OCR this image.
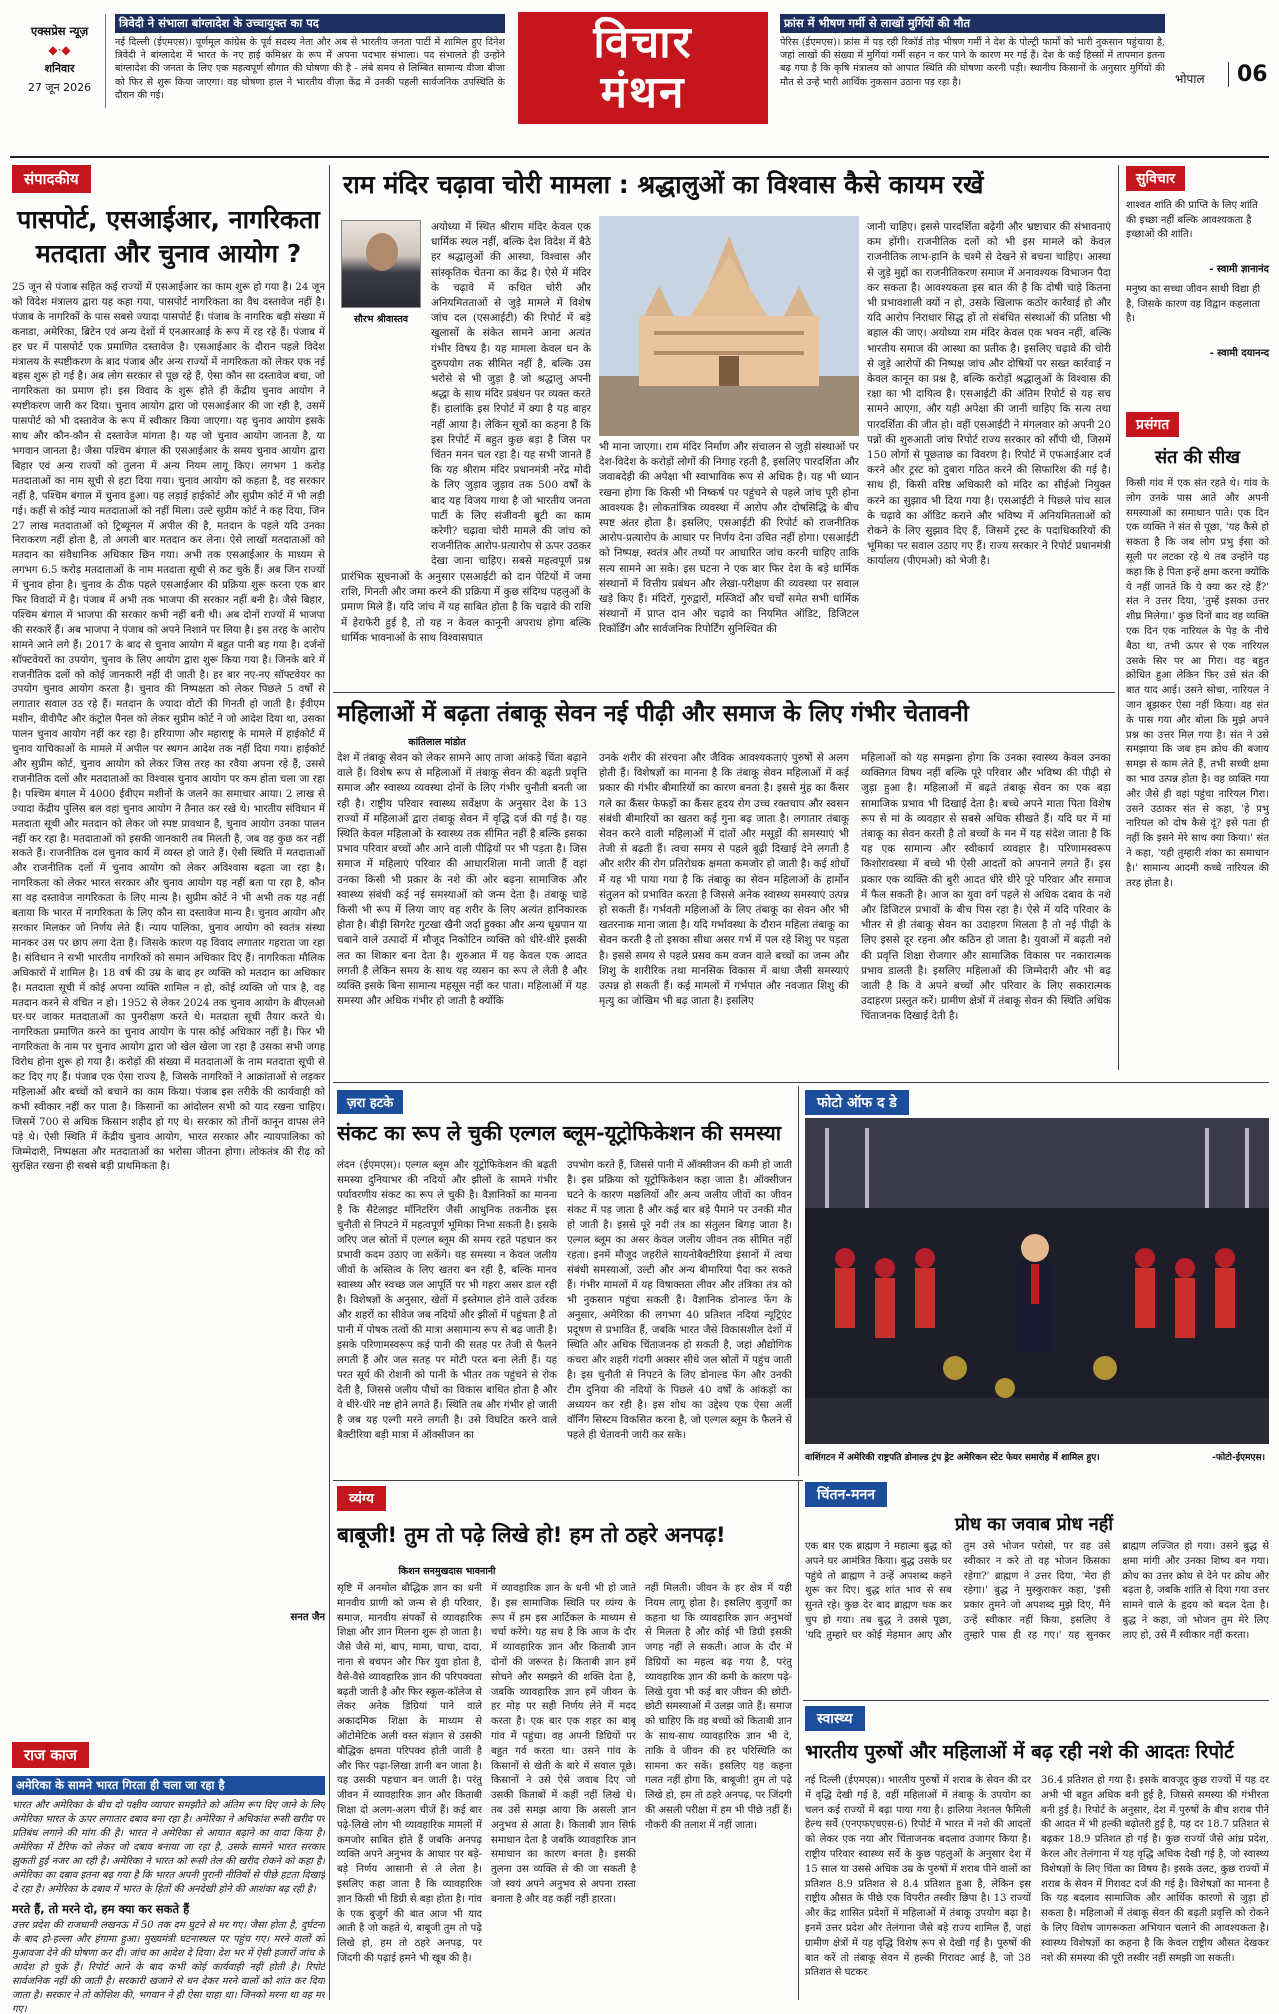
एक्सप्रेस न्यूज़
◆·◆
शनिवार
27 जून 2026
त्रिवेदी ने संभाला बांग्लादेश के उच्चायुक्त का पद
नई दिल्ली (ईएमएस)। पूर्णमूल कांग्रेस के पूर्व सदस्य नेता और अब से भारतीय जनता पार्टी में शामिल हुए दिनेश त्रिवेदी ने बांग्लादेश में भारत के नए हाई कमिश्नर के रूप में अपना पदभार संभाला। पद संभालते ही उन्होंने बांग्लादेश की जनता के लिए एक महत्वपूर्ण सौगात की घोषणा की है - लंबे समय से लिम्बित सामान्य वीजा बीजा को फिर से शुरू किया जाएगा। वह घोषणा हाल ने भारतीय वीज़ा केंद्र में उनकी पहली सार्वजनिक उपस्थिति के दौरान की गई।
विचार
मंथन
फ्रांस में भीषण गर्मी से लाखों मुर्गियों की मौत
पेरिस (ईएमएस)। फ्रांस में पड़ रही रिकॉर्ड तोड़ भीषण गर्मी ने देश के पोल्ट्री फार्मों को भारी नुकसान पहुंचाया है, जहां लाखों की संख्या में मुर्गियां गर्मी सहन न कर पाने के कारण मर गई हैं। देश के कई हिस्सों में तापमान इतना बढ़ गया है कि कृषि मंत्रालय को आपात स्थिति की घोषणा करनी पड़ी। स्थानीय किसानों के अनुसार मुर्गियों की मौत से उन्हें भारी आर्थिक नुकसान उठाना पड़ रहा है।	भोपाल	06
संपादकीय
पासपोर्ट, एसआईआर, नागरिकता मतदाता और चुनाव आयोग ?
25 जून से पंजाब सहित कई राज्यों में एसआईआर का काम शुरू हो गया है। 24 जून को विदेश मंत्रालय द्वारा यह कहा गया, पासपोर्ट नागरिकता का वैध दस्तावेज नहीं है। पंजाब के नागरिकों के पास सबसे ज्यादा पासपोर्ट हैं। पंजाब के नागरिक बड़ी संख्या में कनाडा, अमेरिका, ब्रिटेन एवं अन्य देशों में एनआरआई के रूप में रह रहे हैं। पंजाब में हर घर में पासपोर्ट एक प्रमाणित दस्तावेज है। एसआईआर के दौरान पहले विदेश मंत्रालय के स्पष्टीकरण के बाद पंजाब और अन्य राज्यों में नागरिकता को लेकर एक नई बहस शुरू हो गई है। अब लोग सरकार से पूछ रहे हैं, ऐसा कौन सा दस्तावेज बचा, जो नागरिकता का प्रमाण हो। इस विवाद के शुरू होते ही केंद्रीय चुनाव आयोग ने स्पष्टीकरण जारी कर दिया। चुनाव आयोग द्वारा जो एसआईआर की जा रही है, उसमें पासपोर्ट को भी दस्तावेज के रूप में स्वीकार किया जाएगा। यह चुनाव आयोग इसके साथ और कौन-कौन से दस्तावेज मांगता है। यह जो चुनाव आयोग जानता है, या भगवान जानता है। जैसा पश्चिम बंगाल की एसआईआर के समय चुनाव आयोग द्वारा बिहार एवं अन्य राज्यों को तुलना में अन्य नियम लागू किए। लगभग 1 करोड़ मतदाताओं का नाम सूची से हटा दिया गया। चुनाव आयोग को कहता है, वह सरकार नहीं है, पश्चिम बंगाल में चुनाव हुआ। यह लड़ाई हाईकोर्ट और सुप्रीम कोर्ट में भी लड़ी गई। कहीं से कोई न्याय मतदाताओं को नहीं मिला। उल्टे सुप्रीम कोर्ट ने कह दिया, जिन 27 लाख मतदाताओं को ट्रिब्यूनल में अपील की है, मतदान के पहले यदि उनका निराकरण नहीं होता है, तो अगली बार मतदान कर लेना। ऐसे लाखों मतदाताओं को मतदान का संवैधानिक अधिकार छिन गया। अभी तक एसआईआर के माध्यम से लगभग 6.5 करोड़ मतदाताओं के नाम मतदाता सूची से कट चुके हैं। अब जिन राज्यों में चुनाव होना है। चुनाव के ठीक पहले एसआईआर की प्रक्रिया शुरू करना एक बार फिर विवादों में है। पंजाब में अभी तक भाजपा की सरकार नहीं बनी है। जैसे बिहार, पश्चिम बंगाल में भाजपा की सरकार कभी नहीं बनी थी। अब दोनों राज्यों में भाजपा की सरकारें हैं। अब भाजपा ने पंजाब को अपने निशाने पर लिया है। इस तरह के आरोप सामने आने लगे हैं। 2017 के बाद से चुनाव आयोग में बहुत पानी बह गया है। दर्जनों सॉफ्टवेयरों का उपयोग, चुनाव के लिए आयोग द्वारा शुरू किया गया है। जिनके बारे में राजनीतिक दलों को कोई जानकारी नहीं दी जाती है। हर बार नए-नए सॉफ्टवेयर का उपयोग चुनाव आयोग करता है। चुनाव की निष्पक्षता को लेकर पिछले 5 वर्षों से लगातार सवाल उठ रहे हैं। मतदान के ज्यादा वोटों की गिनती हो जाती है। ईवीएम मशीन, वीवीपैट और कंट्रोल पैनल को लेकर सुप्रीम कोर्ट ने जो आदेश दिया था, उसका पालन चुनाव आयोग नहीं कर रहा है। हरियाणा और महाराष्ट्र के मामले में हाईकोर्ट में चुनाव याचिकाओं के मामले में अपील पर स्थगन आदेश तक नहीं दिया गया। हाईकोर्ट और सुप्रीम कोर्ट, चुनाव आयोग को लेकर जिस तरह का रवैया अपना रहे हैं, उससे राजनीतिक दलों और मतदाताओं का विश्वास चुनाव आयोग पर कम होता चला जा रहा है। पश्चिम बंगाल में 4000 ईवीएम मशीनों के जलने का समाचार आया। 2 लाख से ज्यादा केंद्रीय पुलिस बल वहां चुनाव आयोग ने तैनात कर रखे थे। भारतीय संविधान में मतदाता सूची और मतदान को लेकर जो स्पष्ट प्रावधान है, चुनाव आयोग उनका पालन नहीं कर रहा है। मतदाताओं को इसकी जानकारी तब मिलती है, जब वह कुछ कर नहीं सकते हैं। राजनीतिक दल चुनाव कार्य में व्यस्त हो जाते हैं। ऐसी स्थिति में मतदाताओं और राजनीतिक दलों में चुनाव आयोग को लेकर अविश्वास बढ़ता जा रहा है। नागरिकता को लेकर भारत सरकार और चुनाव आयोग यह नहीं बता पा रहा है, कौन सा वह दस्तावेज नागरिकता के लिए मान्य है। सुप्रीम कोर्ट ने भी अभी तक यह नहीं बताया कि भारत में नागरिकता के लिए कौन सा दस्तावेज मान्य है। चुनाव आयोग और सरकार मिलकर जो निर्णय लेते हैं। न्याय पालिका, चुनाव आयोग को स्वतंत्र संस्था मानकर उस पर छाप लगा देता है। जिसके कारण यह विवाद लगातार गहराता जा रहा है। संविधान ने सभी भारतीय नागरिकों को समान अधिकार दिए हैं। नागरिकता मौलिक अधिकारों में शामिल है। 18 वर्ष की उम्र के बाद हर व्यक्ति को मतदान का अधिकार है। मतदाता सूची में कोई अपना व्यक्ति शामिल न हो, कोई व्यक्ति जो पात्र है, वह मतदान करने से वंचित न हो। 1952 से लेकर 2024 तक चुनाव आयोग के बीएलओ घर-घर जाकर मतदाताओं का पुनरीक्षण करते थे। मतदाता सूची तैयार करते थे। नागरिकता प्रमाणित करने का चुनाव आयोग के पास कोई अधिकार नहीं है। फिर भी नागरिकता के नाम पर चुनाव आयोग द्वारा जो खेल खेला जा रहा है उसका सभी जगह विरोध होना शुरू हो गया है। करोड़ों की संख्या में मतदाताओं के नाम मतदाता सूची से कट दिए गए हैं। पंजाब एक ऐसा राज्य है, जिसके नागरिकों ने आक्रांताओं से लड़कर महिलाओं और बच्चों को बचाने का काम किया। पंजाब इस तरीके की कार्यवाही को कभी स्वीकार नहीं कर पाता है। किसानों का आंदोलन सभी को याद रखना चाहिए। जिसमें 700 से अधिक किसान शहीद हो गए थे। सरकार को तीनों कानून वापस लेने पड़े थे। ऐसी स्थिति में केंद्रीय चुनाव आयोग, भारत सरकार और न्यायपालिका को जिम्मेदारी, निष्पक्षता और मतदाताओं का भरोसा जीतना होगा। लोकतंत्र की रीढ़ को सुरक्षित रखना ही सबसे बड़ी प्राथमिकता है।
सनत जैन
राज काज
अमेरिका के सामने भारत गिरता ही चला जा रहा है
भारत और अमेरिका के बीच दो पक्षीय व्यापार समझौते को अंतिम रूप दिए जाने के लिए अमेरिका भारत के ऊपर लगातार दबाव बना रहा है। अमेरिका ने अधिकांश रूसी खरीद पर प्रतिबंध लगाने की मांग की है। भारत ने अमेरिका से आयात बढ़ाने का वादा किया है। अमेरिका में टैरिफ को लेकर जो दबाव बनाया जा रहा है, उसके सामने भारत सरकार झुकती हुई नजर आ रही है। अमेरिका ने भारत को रूसी तेल की खरीद रोकने को कहा है। अमेरिका का दबाव इतना बढ़ गया है कि भारत अपनी पुरानी नीतियों से पीछे हटता दिखाई दे रहा है। अमेरिका के दबाव में भारत के हितों की अनदेखी होने की आशंका बढ़ रही है।
मरते हैं, तो मरने दो, हम क्या कर सकते हैं
उत्तर प्रदेश की राजधानी लखनऊ में 50 तक दम घुटने से मर गए। जैसा होता है, दुर्घटना के बाद हो-हल्ला और हंगामा हुआ। मुख्यमंत्री घटनास्थल पर पहुंच गए। मरने वालों को मुआवजा देने की घोषणा कर दी। जांच का आदेश दे दिया। देश भर में ऐसी हजारों जांच के आदेश हो चुके हैं। रिपोर्ट आने के बाद कभी कोई कार्यवाही नहीं होती है। रिपोर्ट सार्वजनिक नहीं की जाती है। सरकारी खजाने से धन देकर मरने वालों को शांत कर दिया जाता है। सरकार ने तो कोशिश की, भगवान ने ही ऐसा चाहा था। जिनको मरना था वह मर गए।
राम मंदिर चढ़ावा चोरी मामला : श्रद्धालुओं का विश्वास कैसे कायम रखें
सौरभ श्रीवास्तव
अयोध्या में स्थित श्रीराम मंदिर केवल एक धार्मिक स्थल नहीं, बल्कि देश विदेश में बैठे हर श्रद्धालुओं की आस्था, विश्वास और सांस्कृतिक चेतना का केंद्र है। ऐसे में मंदिर के चढ़ावे में कथित चोरी और अनियमितताओं से जुड़े मामले में विशेष जांच दल (एसआईटी) की रिपोर्ट में बड़े खुलासों के संकेत सामने आना अत्यंत गंभीर विषय है। यह मामला केवल धन के दुरुपयोग तक सीमित नहीं है, बल्कि उस भरोसे से भी जुड़ा है जो श्रद्धालु अपनी श्रद्धा के साथ मंदिर प्रबंधन पर व्यक्त करते हैं। हालांकि इस रिपोर्ट में क्या है यह बाहर नहीं आया है। लेकिन सूत्रों का कहना है कि इस रिपोर्ट में बहुत कुछ बड़ा है जिस पर चिंतन मनन चल रहा है। यह सभी जानते हैं कि यह श्रीराम मंदिर प्रधानमंत्री नरेंद्र मोदी के लिए जुड़ाव जुड़ाव तक 500 वर्षों के बाद यह विजय गाथा है जो भारतीय जनता पार्टी के लिए संजीवनी बूटी का काम करेगी? चढ़ावा चोरी मामले की जांच को राजनीतिक आरोप-प्रत्यारोप से ऊपर उठकर देखा जाना चाहिए। सबसे महत्वपूर्ण प्रश्न
प्रारंभिक सूचनाओं के अनुसार एसआईटी को दान पेटियों में जमा राशि, गिनती और जमा करने की प्रक्रिया में कुछ संदिग्ध पहलुओं के प्रमाण मिले हैं। यदि जांच में यह साबित होता है कि चढ़ावे की राशि में हेराफेरी हुई है, तो यह न केवल कानूनी अपराध होगा बल्कि धार्मिक भावनाओं के साथ विश्वासघात
भी माना जाएगा। राम मंदिर निर्माण और संचालन से जुड़ी संस्थाओं पर देश-विदेश के करोड़ों लोगों की निगाह रहती है, इसलिए पारदर्शिता और जवाबदेही की अपेक्षा भी स्वाभाविक रूप से अधिक है। यह भी ध्यान रखना होगा कि किसी भी निष्कर्ष पर पहुंचने से पहले जांच पूरी होना आवश्यक है। लोकतांत्रिक व्यवस्था में आरोप और दोषसिद्धि के बीच स्पष्ट अंतर होता है। इसलिए, एसआईटी की रिपोर्ट को राजनीतिक आरोप-प्रत्यारोप के आधार पर निर्णय देना उचित नहीं होगा। एसआईटी को निष्पक्ष, स्वतंत्र और तथ्यों पर आधारित जांच करनी चाहिए ताकि सत्य सामने आ सके। इस घटना ने एक बार फिर देश के बड़े धार्मिक संस्थानों में वित्तीय प्रबंधन और लेखा-परीक्षण की व्यवस्था पर सवाल खड़े किए हैं। मंदिरों, गुरुद्वारों, मस्जिदों और चर्चों समेत सभी धार्मिक संस्थानों में प्राप्त दान और चढ़ावे का नियमित ऑडिट, डिजिटल रिकॉर्डिंग और सार्वजनिक रिपोर्टिंग सुनिश्चित की
जानी चाहिए। इससे पारदर्शिता बढ़ेगी और भ्रष्टाचार की संभावनाएं कम होंगी। राजनीतिक दलों को भी इस मामले को केवल राजनीतिक लाभ-हानि के चश्मे से देखने से बचना चाहिए। आस्था से जुड़े मुद्दों का राजनीतिकरण समाज में अनावश्यक विभाजन पैदा कर सकता है। आवश्यकता इस बात की है कि दोषी चाहे कितना भी प्रभावशाली क्यों न हो, उसके खिलाफ कठोर कार्रवाई हो और यदि आरोप निराधार सिद्ध हों तो संबंधित संस्थाओं की प्रतिष्ठा भी बहाल की जाए। अयोध्या राम मंदिर केवल एक भवन नहीं, बल्कि भारतीय समाज की आस्था का प्रतीक है। इसलिए चढ़ावे की चोरी से जुड़े आरोपों की निष्पक्ष जांच और दोषियों पर सख्त कार्रवाई न केवल कानून का प्रश्न है, बल्कि करोड़ों श्रद्धालुओं के विश्वास की रक्षा का भी दायित्व है। एसआईटी की अंतिम रिपोर्ट से यह सच सामने आएगा, और यही अपेक्षा की जानी चाहिए कि सत्य तथा पारदर्शिता की जीत हो। वहीं एसआईटी ने मंगलवार को अपनी 20 पन्नों की शुरुआती जांच रिपोर्ट राज्य सरकार को सौंपी थी, जिसमें 150 लोगों से पूछताछ का विवरण है। रिपोर्ट में एफआईआर दर्ज करने और ट्रस्ट को दुबारा गठित करने की सिफारिश की गई है। साथ ही, किसी वरिष्ठ अधिकारी को मंदिर का सीईओ नियुक्त करने का सुझाव भी दिया गया है। एसआईटी ने पिछले पांच साल के चढ़ावे का ऑडिट कराने और भविष्य में अनियमितताओं को रोकने के लिए सुझाव दिए हैं, जिसमें ट्रस्ट के पदाधिकारियों की भूमिका पर सवाल उठाए गए हैं। राज्य सरकार ने रिपोर्ट प्रधानमंत्री कार्यालय (पीएमओ) को भेजी है।
सुविचार
शाश्वत शांति की प्राप्ति के लिए शांति की इच्छा नहीं बल्कि आवश्यकता है इच्छाओं की शांति।
- स्वामी ज्ञानानंद
मनुष्य का सच्चा जीवन साथी विद्या ही है, जिसके कारण वह विद्वान कहलाता है।
- स्वामी दयानन्द
प्रसंगत
संत की सीख
किसी गांव में एक संत रहते थे। गांव के लोग उनके पास आते और अपनी समस्याओं का समाधान पाते। एक दिन एक व्यक्ति ने संत से पूछा, 'यह कैसे हो सकता है कि जब लोग प्रभु ईसा को सूली पर लटका रहे थे तब उन्होंने यह कहा कि हे पिता इन्हें क्षमा करना क्योंकि ये नहीं जानते कि ये क्या कर रहे हैं?' संत ने उत्तर दिया, 'तुम्हें इसका उत्तर शीघ्र मिलेगा।' कुछ दिनों बाद वह व्यक्ति एक दिन एक नारियल के पेड़ के नीचे बैठा था, तभी ऊपर से एक नारियल उसके सिर पर आ गिरा। वह बहुत क्रोधित हुआ लेकिन फिर उसे संत की बात याद आई। उसने सोचा, नारियल ने जान बूझकर ऐसा नहीं किया। वह संत के पास गया और बोला कि मुझे अपने प्रश्न का उत्तर मिल गया है। संत ने उसे समझाया कि जब हम क्रोध की बजाय समझ से काम लेते हैं, तभी सच्ची क्षमा का भाव उत्पन्न होता है। वह व्यक्ति गया और जैसे ही वहां पहुंचा नारियल गिरा। उसने उठाकर संत से कहा, 'हे प्रभु नारियल को दोष कैसे दूं? इसे पता ही नहीं कि इसने मेरे साथ क्या किया।' संत ने कहा, 'यही तुम्हारी शंका का समाधान है।' सामान्य आदमी कच्चे नारियल की तरह होता है।
महिलाओं में बढ़ता तंबाकू सेवन नई पीढ़ी और समाज के लिए गंभीर चेतावनी
कांतिलाल मांडोत
देश में तंबाकू सेवन को लेकर सामने आए ताजा आंकड़े चिंता बढ़ाने वाले हैं। विशेष रूप से महिलाओं में तंबाकू सेवन की बढ़ती प्रवृत्ति समाज और स्वास्थ्य व्यवस्था दोनों के लिए गंभीर चुनौती बनती जा रही है। राष्ट्रीय परिवार स्वास्थ्य सर्वेक्षण के अनुसार देश के 13 राज्यों में महिलाओं द्वारा तंबाकू सेवन में वृद्धि दर्ज की गई है। यह स्थिति केवल महिलाओं के स्वास्थ्य तक सीमित नहीं है बल्कि इसका प्रभाव परिवार बच्चों और आने वाली पीढ़ियों पर भी पड़ता है। जिस समाज में महिलाएं परिवार की आधारशिला मानी जाती हैं वहां उनका किसी भी प्रकार के नशे की ओर बढ़ना सामाजिक और स्वास्थ्य संबंधी कई नई समस्याओं को जन्म देता है। तंबाकू चाहे किसी भी रूप में लिया जाए वह शरीर के लिए अत्यंत हानिकारक होता है। बीड़ी सिगरेट गुटखा खैनी जर्दा हुक्का और अन्य धूम्रपान या चबाने वाले उत्पादों में मौजूद निकोटिन व्यक्ति को धीरे-धीरे इसकी लत का शिकार बना देता है। शुरुआत में यह केवल एक आदत लगती है लेकिन समय के साथ यह व्यसन का रूप ले लेती है और व्यक्ति इसके बिना सामान्य महसूस नहीं कर पाता। महिलाओं में यह समस्या और अधिक गंभीर हो जाती है क्योंकि
उनके शरीर की संरचना और जैविक आवश्यकताएं पुरुषों से अलग होती हैं। विशेषज्ञों का मानना है कि तंबाकू सेवन महिलाओं में कई प्रकार की गंभीर बीमारियों का कारण बनता है। इससे मुंह का कैंसर गले का कैंसर फेफड़ों का कैंसर हृदय रोग उच्च रक्तचाप और स्वसन संबंधी बीमारियों का खतरा कई गुना बढ़ जाता है। लगातार तंबाकू सेवन करने वाली महिलाओं में दांतों और मसूड़ों की समस्याएं भी तेजी से बढ़ती हैं। त्वचा समय से पहले बूढ़ी दिखाई देने लगती है और शरीर की रोग प्रतिरोधक क्षमता कमजोर हो जाती है। कई शोधों में यह भी पाया गया है कि तंबाकू का सेवन महिलाओं के हार्मोन संतुलन को प्रभावित करता है जिससे अनेक स्वास्थ्य समस्याएं उत्पन्न हो सकती हैं। गर्भवती महिलाओं के लिए तंबाकू का सेवन और भी खतरनाक माना जाता है। यदि गर्भावस्था के दौरान महिला तंबाकू का सेवन करती है तो इसका सीधा असर गर्भ में पल रहे शिशु पर पड़ता है। इससे समय से पहले प्रसव कम वजन वाले बच्चों का जन्म और शिशु के शारीरिक तथा मानसिक विकास में बाधा जैसी समस्याएं उत्पन्न हो सकती हैं। कई मामलों में गर्भपात और नवजात शिशु की मृत्यु का जोखिम भी बढ़ जाता है। इसलिए
महिलाओं को यह समझना होगा कि उनका स्वास्थ्य केवल उनका व्यक्तिगत विषय नहीं बल्कि पूरे परिवार और भविष्य की पीढ़ी से जुड़ा हुआ है। महिलाओं में बढ़ते तंबाकू सेवन का एक बड़ा सामाजिक प्रभाव भी दिखाई देता है। बच्चे अपने माता पिता विशेष रूप से मां के व्यवहार से सबसे अधिक सीखते हैं। यदि घर में मां तंबाकू का सेवन करती है तो बच्चों के मन में यह संदेश जाता है कि यह एक सामान्य और स्वीकार्य व्यवहार है। परिणामस्वरूप किशोरावस्था में बच्चे भी ऐसी आदतों को अपनाने लगते हैं। इस प्रकार एक व्यक्ति की बुरी आदत धीरे धीरे पूरे परिवार और समाज में फैल सकती है। आज का युवा वर्ग पहले से अधिक दबाव के नशे और डिजिटल प्रभावों के बीच पिस रहा है। ऐसे में यदि परिवार के भीतर से ही तंबाकू सेवन का उदाहरण मिलता है तो नई पीढ़ी के लिए इससे दूर रहना और कठिन हो जाता है। युवाओं में बढ़ती नशे की प्रवृत्ति शिक्षा रोजगार और सामाजिक विकास पर नकारात्मक प्रभाव डालती है। इसलिए महिलाओं की जिम्मेदारी और भी बढ़ जाती है कि वे अपने बच्चों और परिवार के लिए सकारात्मक उदाहरण प्रस्तुत करें। ग्रामीण क्षेत्रों में तंबाकू सेवन की स्थिति अधिक चिंताजनक दिखाई देती है।
ज़रा हटके
संकट का रूप ले चुकी एल्गल ब्लूम-यूट्रोफिकेशन की समस्या
लंदन (ईएमएस)। एल्गल ब्लूम और यूट्रोफिकेशन की बढ़ती समस्या दुनियाभर की नदियों और झीलों के सामने गंभीर पर्यावरणीय संकट का रूप ले चुकी है। वैज्ञानिकों का मानना है कि सैटेलाइट मॉनिटरिंग जैसी आधुनिक तकनीक इस चुनौती से निपटने में महत्वपूर्ण भूमिका निभा सकती है। इसके जरिए जल स्रोतों में एल्गल ब्लूम की समय रहते पहचान कर प्रभावी कदम उठाए जा सकेंगे। यह समस्या न केवल जलीय जीवों के अस्तित्व के लिए खतरा बन रही है, बल्कि मानव स्वास्थ्य और स्वच्छ जल आपूर्ति पर भी गहरा असर डाल रही है। विशेषज्ञों के अनुसार, खेतों में इस्तेमाल होने वाले उर्वरक और शहरों का सीवेज जब नदियों और झीलों में पहुंचता है तो पानी में पोषक तत्वों की मात्रा असामान्य रूप से बढ़ जाती है। इसके परिणामस्वरूप कई पानी की सतह पर तेजी से फैलने लगती हैं और जल सतह पर मोटी परत बना लेती हैं। यह परत सूर्य की रोशनी को पानी के भीतर तक पहुंचने से रोक देती है, जिससे जलीय पौधों का विकास बाधित होता है और वे धीरे-धीरे नष्ट होने लगते हैं। स्थिति तब और गंभीर हो जाती है जब यह एल्गी मरने लगती है। उसे विघटित करने वाले बैक्टीरिया बड़ी मात्रा में ऑक्सीजन का
उपभोग करते हैं, जिससे पानी में ऑक्सीजन की कमी हो जाती है। इस प्रक्रिया को यूट्रोफिकेशन कहा जाता है। ऑक्सीजन घटने के कारण मछलियों और अन्य जलीय जीवों का जीवन संकट में पड़ जाता है और कई बार बड़े पैमाने पर उनकी मौत हो जाती है। इससे पूरे नदी तंत्र का संतुलन बिगड़ जाता है। एल्गल ब्लूम का असर केवल जलीय जीवन तक सीमित नहीं रहता। इनमें मौजूद जहरीले सायनोबैक्टीरिया इंसानों में त्वचा संबंधी समस्याओं, उल्टी और अन्य बीमारियां पैदा कर सकते हैं। गंभीर मामलों में यह विषाक्तता लीवर और तंत्रिका तंत्र को भी नुकसान पहुंचा सकती है। वैज्ञानिक डोनाल्ड फेंग के अनुसार, अमेरिका की लगभग 40 प्रतिशत नदियां न्यूट्रिएंट प्रदूषण से प्रभावित हैं, जबकि भारत जैसे विकासशील देशों में स्थिति और अधिक चिंताजनक हो सकती है, जहां औद्योगिक कचरा और शहरी गंदगी अक्सर सीधे जल स्रोतों में पहुंच जाती है। इस चुनौती से निपटने के लिए डोनाल्ड फेंग और उनकी टीम दुनिया की नदियों के पिछले 40 वर्षों के आंकड़ों का अध्ययन कर रही है। इस शोध का उद्देश्य एक ऐसा अर्ली वॉर्निंग सिस्टम विकसित करना है, जो एल्गल ब्लूम के फैलने से पहले ही चेतावनी जारी कर सके।
फोटो ऑफ द डे
वाशिंगटन में अमेरिकी राष्ट्रपति डोनाल्ड ट्रंप ड्रेट अमेरिकन स्टेट फेयर समारोह में शामिल हुए।	-फोटो-ईएमएस।
व्यंग्य
बाबूजी! तुम तो पढ़े लिखे हो! हम तो ठहरे अनपढ़!
किशन सनमुखदास भावनानी
सृष्टि में अनमोल बौद्धिक ज्ञान का धनी मानवीय प्राणी को जन्म से ही परिवार, समाज, मानवीय संपर्कों से व्यावहारिक शिक्षा और ज्ञान मिलना शुरू हो जाता है। जैसे जैसे मां, बाप, मामा, चाचा, दादा, नाना से बचपन और फिर युवा होता है, वैसे-वैसे व्यावहारिक ज्ञान की परिपक्वता बढ़ती जाती है और फिर स्कूल-कॉलेज से लेकर अनेक डिग्रियां पाने वाले अकादमिक शिक्षा के माध्यम से ऑटोमेटिक अली वस्त संज्ञान से उसकी बौद्धिक क्षमता परिपक्व होती जाती है और फिर पढ़ा-लिखा ज्ञानी बन जाता है। यह उसकी पहचान बन जाती है। परंतु जीवन में व्यावहारिक ज्ञान और किताबी शिक्षा दो अलग-अलग चीजें हैं। कई बार पढ़े-लिखे लोग भी व्यावहारिक मामलों में कमजोर साबित होते हैं जबकि अनपढ़ व्यक्ति अपने अनुभव के आधार पर बड़े-बड़े निर्णय आसानी से ले लेता है। इसलिए कहा जाता है कि व्यावहारिक ज्ञान किसी भी डिग्री से बड़ा होता है। गांव के एक बुजुर्ग की बात आज भी याद आती है जो कहते थे, बाबूजी तुम तो पढ़े लिखे हो, हम तो ठहरे अनपढ़, पर जिंदगी की पढ़ाई हमने भी खूब की है।
में व्यावहारिक ज्ञान के धनी भी हो जाते हैं। इस सामाजिक स्थिति पर व्यंग्य के रूप में हम इस आर्टिकल के माध्यम से चर्चा करेंगे। यह सच है कि आज के दौर में व्यावहारिक ज्ञान और किताबी ज्ञान दोनों की जरूरत है। किताबी ज्ञान हमें सोचने और समझने की शक्ति देता है, जबकि व्यावहारिक ज्ञान हमें जीवन के हर मोड़ पर सही निर्णय लेने में मदद करता है। एक बार एक शहर का बाबू गांव में पहुंचा। वह अपनी डिग्रियों पर बहुत गर्व करता था। उसने गांव के किसानों से खेती के बारे में सवाल पूछे। किसानों ने उसे ऐसे जवाब दिए जो उसकी किताबों में कहीं नहीं लिखे थे। तब उसे समझ आया कि असली ज्ञान अनुभव से आता है। किताबी ज्ञान सिर्फ समाधान देता है जबकि व्यावहारिक ज्ञान समाधान का कारण बनता है। इसकी तुलना उस व्यक्ति से की जा सकती है जो स्वयं अपने अनुभव से अपना रास्ता बनाता है और वह कहीं नहीं हारता।
नहीं मिलती। जीवन के हर क्षेत्र में यही नियम लागू होता है। इसलिए बुजुर्गों का कहना था कि व्यावहारिक ज्ञान अनुभवों से मिलता है और कोई भी डिग्री इसकी जगह नहीं ले सकती। आज के दौर में डिग्रियों का महत्व बढ़ गया है, परंतु व्यावहारिक ज्ञान की कमी के कारण पढ़े-लिखे युवा भी कई बार जीवन की छोटी-छोटी समस्याओं में उलझ जाते हैं। समाज को चाहिए कि वह बच्चों को किताबी ज्ञान के साथ-साथ व्यावहारिक ज्ञान भी दे, ताकि वे जीवन की हर परिस्थिति का सामना कर सकें। इसलिए यह कहना गलत नहीं होगा कि, बाबूजी! तुम तो पढ़े लिखे हो, हम तो ठहरे अनपढ़, पर जिंदगी की असली परीक्षा में हम भी पीछे नहीं हैं। नौकरी की तलाश में नहीं जाता।
चिंतन-मनन
प्रोध का जवाब प्रोध नहीं
एक बार एक ब्राह्मण ने महात्मा बुद्ध को अपने घर आमंत्रित किया। बुद्ध उसके घर पहुंचे तो ब्राह्मण ने उन्हें अपशब्द कहने शुरू कर दिए। बुद्ध शांत भाव से सब सुनते रहे। कुछ देर बाद ब्राह्मण थक कर चुप हो गया। तब बुद्ध ने उससे पूछा, 'यदि तुम्हारे घर कोई मेहमान आए और तुम उसे भोजन परोसो, पर वह उसे स्वीकार न करे तो वह भोजन किसका रहेगा?' ब्राह्मण ने उत्तर दिया, 'मेरा ही रहेगा।' बुद्ध ने मुस्कुराकर कहा, 'इसी प्रकार तुमने जो अपशब्द मुझे दिए, मैंने उन्हें स्वीकार नहीं किया, इसलिए वे तुम्हारे पास ही रह गए।' यह सुनकर ब्राह्मण लज्जित हो गया। उसने बुद्ध से क्षमा मांगी और उनका शिष्य बन गया। क्रोध का उत्तर क्रोध से देने पर क्रोध और बढ़ता है, जबकि शांति से दिया गया उत्तर सामने वाले के हृदय को बदल देता है। बुद्ध ने कहा, जो भोजन तुम मेरे लिए लाए हो, उसे मैं स्वीकार नहीं करता।
स्वास्थ्य
भारतीय पुरुषों और महिलाओं में बढ़ रही नशे की आदतः रिपोर्ट
नई दिल्ली (ईएमएस)। भारतीय पुरुषों में शराब के सेवन की दर में वृद्धि देखी गई है, वहीं महिलाओं में तंबाकू के उपयोग का चलन कई राज्यों में बढ़ा पाया गया है। हालिया नेशनल फैमिली हेल्थ सर्वे (एनएफएचएस-6) रिपोर्ट में भारत में नशे की आदतों को लेकर एक नया और चिंताजनक बदलाव उजागर किया है। राष्ट्रीय परिवार स्वास्थ्य सर्वे के कुछ पहलुओं के अनुसार देश में 15 साल या उससे अधिक उम्र के पुरुषों में शराब पीने वालों का प्रतिशत 8.9 प्रतिशत से 8.4 प्रतिशत हुआ है, लेकिन इस राष्ट्रीय औसत के पीछे एक विपरीत तस्वीर छिपा है। 13 राज्यों और केंद्र शासित प्रदेशों में महिलाओं में तंबाकू उपयोग बढ़ा है। इनमें उत्तर प्रदेश और तेलंगाना जैसे बड़े राज्य शामिल हैं, जहां ग्रामीण क्षेत्रों में यह वृद्धि विशेष रूप से देखी गई है। पुरुषों की बात करें तो तंबाकू सेवन में हल्की गिरावट आई है, जो 38 प्रतिशत से घटकर
36.4 प्रतिशत हो गया है। इसके बावजूद कुछ राज्यों में यह दर अभी भी बहुत अधिक बनी हुई है, जिससे समस्या की गंभीरता बनी हुई है। रिपोर्ट के अनुसार, देश में पुरुषों के बीच शराब पीने की आदत में भी हल्की बढ़ोतरी हुई है, यह दर 18.7 प्रतिशत से बढ़कर 18.9 प्रतिशत हो गई है। कुछ राज्यों जैसे आंध्र प्रदेश, केरल और तेलंगाना में यह वृद्धि अधिक देखी गई है, जो स्वास्थ्य विशेषज्ञों के लिए चिंता का विषय है। इसके उलट, कुछ राज्यों में शराब के सेवन में गिरावट दर्ज की गई है। विशेषज्ञों का मानना है कि यह बदलाव सामाजिक और आर्थिक कारणों से जुड़ा हो सकता है। महिलाओं में तंबाकू सेवन की बढ़ती प्रवृत्ति को रोकने के लिए विशेष जागरूकता अभियान चलाने की आवश्यकता है। स्वास्थ्य विशेषज्ञों का कहना है कि केवल राष्ट्रीय औसत देखकर नशे की समस्या की पूरी तस्वीर नहीं समझी जा सकती।
